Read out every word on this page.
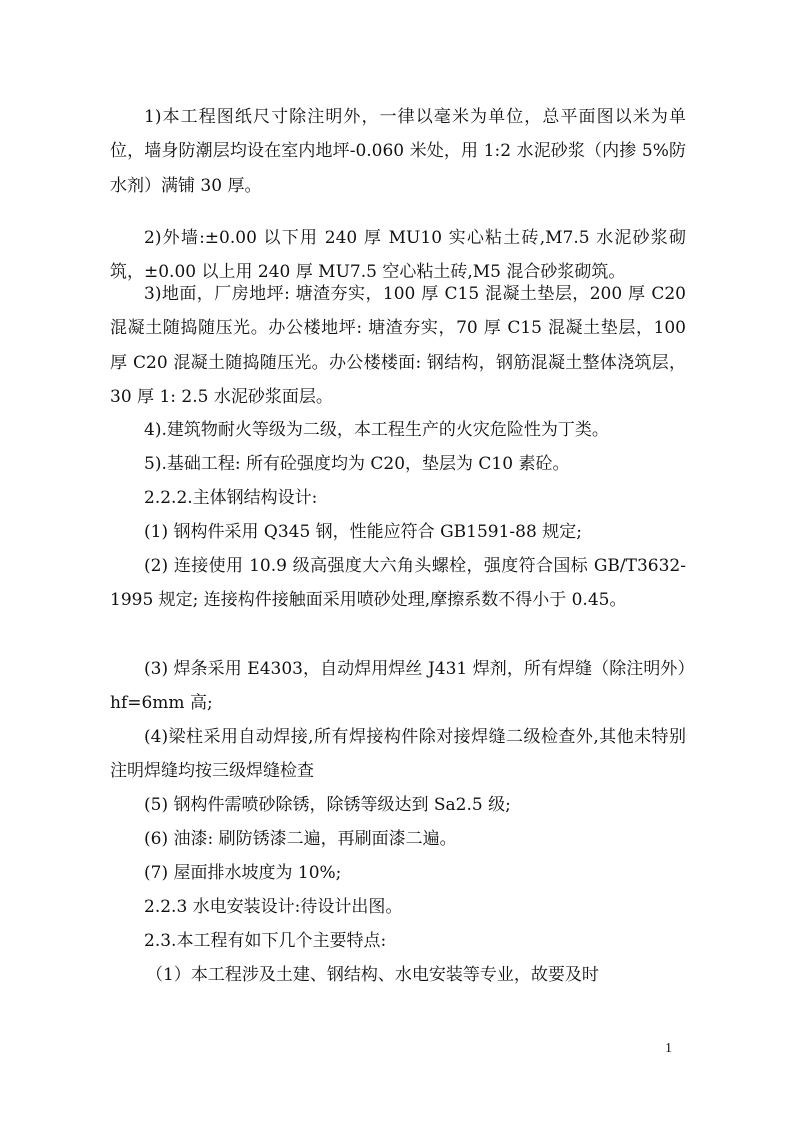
1)本工程图纸尺寸除注明外，一律以毫米为单位，总平面图以米为单位，墙身防潮层均设在室内地坪-0.060 米处，用 1:2 水泥砂浆（内掺 5%防水剂）满铺 30 厚。

2)外墙:±0.00 以下用 240 厚 MU10 实心粘土砖,M7.5 水泥砂浆砌筑，±0.00 以上用 240 厚 MU7.5 空心粘土砖,M5 混合砂浆砌筑。

3)地面，厂房地坪: 塘渣夯实，100 厚 C15 混凝土垫层，200 厚 C20 混凝土随捣随压光。办公楼地坪: 塘渣夯实，70 厚 C15 混凝土垫层，100 厚 C20 混凝土随捣随压光。办公楼楼面: 钢结构，钢筋混凝土整体浇筑层，30 厚 1: 2.5 水泥砂浆面层。

4).建筑物耐火等级为二级，本工程生产的火灾危险性为丁类。

5).基础工程: 所有砼强度均为 C20，垫层为 C10 素砼。

2.2.2.主体钢结构设计:

(1) 钢构件采用 Q345 钢，性能应符合 GB1591-88 规定;

(2) 连接使用 10.9 级高强度大六角头螺栓，强度符合国标 GB/T3632-1995 规定; 连接构件接触面采用喷砂处理,摩擦系数不得小于 0.45。

(3) 焊条采用 E4303，自动焊用焊丝 J431 焊剂，所有焊缝（除注明外）hf=6mm 高;

(4)梁柱采用自动焊接,所有焊接构件除对接焊缝二级检查外,其他未特别注明焊缝均按三级焊缝检查

(5) 钢构件需喷砂除锈，除锈等级达到 Sa2.5 级;

(6) 油漆: 刷防锈漆二遍，再刷面漆二遍。

(7) 屋面排水坡度为 10%;

2.2.3 水电安装设计:待设计出图。

2.3.本工程有如下几个主要特点:

（1）本工程涉及土建、钢结构、水电安装等专业，故要及时

1
